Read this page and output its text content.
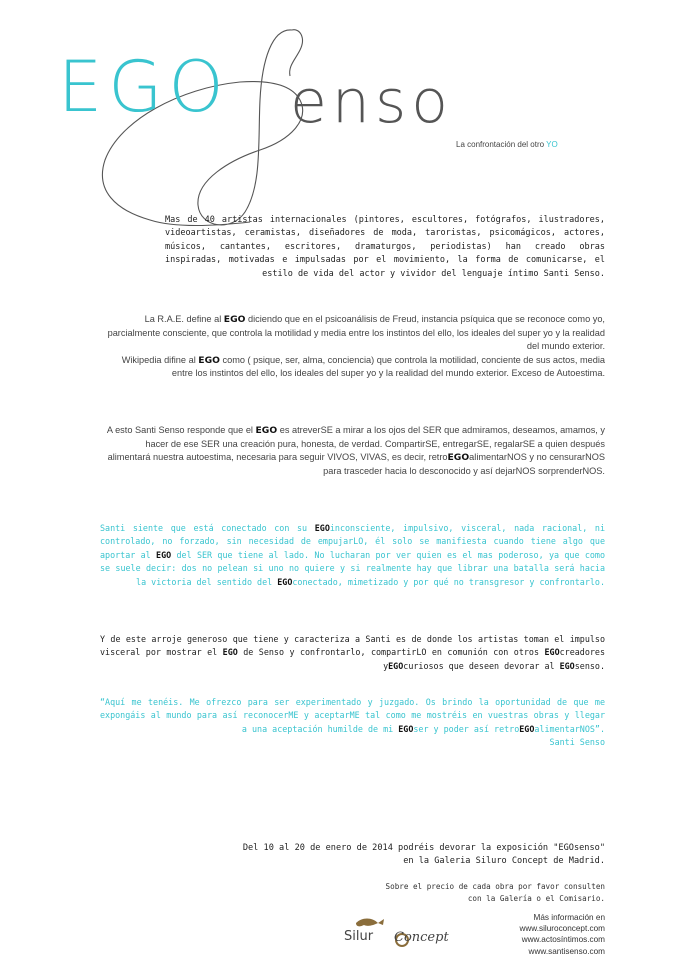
EGO enso
La confrontación del otro YO
Mas de 40 artistas internacionales (pintores, escultores, fotógrafos, ilustradores, videoartistas, ceramistas, diseñadores de moda, taroristas, psicomágicos, actores, músicos, cantantes, escritores, dramaturgos, periodistas) han creado obras inspiradas, motivadas e impulsadas por el movimiento, la forma de comunicarse, el estilo de vida del actor y vividor del lenguaje íntimo Santi Senso.
La R.A.E. define al EGO diciendo que en el psicoanálisis de Freud, instancia psíquica que se reconoce como yo, parcialmente consciente, que controla la motilidad y media entre los instintos del ello, los ideales del super yo y la realidad del mundo exterior.
Wikipedia difine al EGO como ( psique, ser, alma, conciencia) que controla la motilidad, conciente de sus actos, media entre los instintos del ello, los ideales del super yo y la realidad del mundo exterior. Exceso de Autoestima.
A esto Santi Senso responde que el EGO es atreverSE a mirar a los ojos del SER que admiramos, deseamos, amamos, y hacer de ese SER una creación pura, honesta, de verdad. CompartirSE, entregarSE, regalarSE a quien después alimentará nuestra autoestima, necesaria para seguir VIVOS, VIVAS, es decir, retroEGOalimentarNOS y no censurarNOS para trasceder hacia lo desconocido y así dejarNOS sorprenderNOS.
Santi siente que está conectado con su EGOinconsciente, impulsivo, visceral, nada racional, ni controlado, no forzado, sin necesidad de empujarLO, él solo se manifiesta cuando tiene algo que aportar al EGO del SER que tiene al lado. No lucharan por ver quien es el mas poderoso, ya que como se suele decir: dos no pelean si uno no quiere y si realmente hay que librar una batalla será hacia la victoria del sentido del EGOconectado, mimetizado y por qué no transgresor y confrontarlo.
Y de este arroje generoso que tiene y caracteriza a Santi es de donde los artistas toman el impulso visceral por mostrar el EGO de Senso y confrontarlo, compartirLO en comunión con otros EGOcreadores yEGOcuriosos que deseen devorar al EGOsenso.
“Aquí me tenéis. Me ofrezco para ser experimentado y juzgado. Os brindo la oportunidad de que me expongáis al mundo para así reconocerME y aceptarME tal como me mostréis en vuestras obras y llegar a una aceptación humilde de mi EGOser y poder así retroEGOalimentarNOS”.
Santi Senso
Del 10 al 20 de enero de 2014 podréis devorar la exposición "EGOsenso"
en la Galeria Siluro Concept de Madrid.
Sobre el precio de cada obra por favor consulten
con la Galería o el Comisario.
Silur Concept
Más información en
www.siluroconcept.com
www.actosíntimos.com
www.santisenso.com
